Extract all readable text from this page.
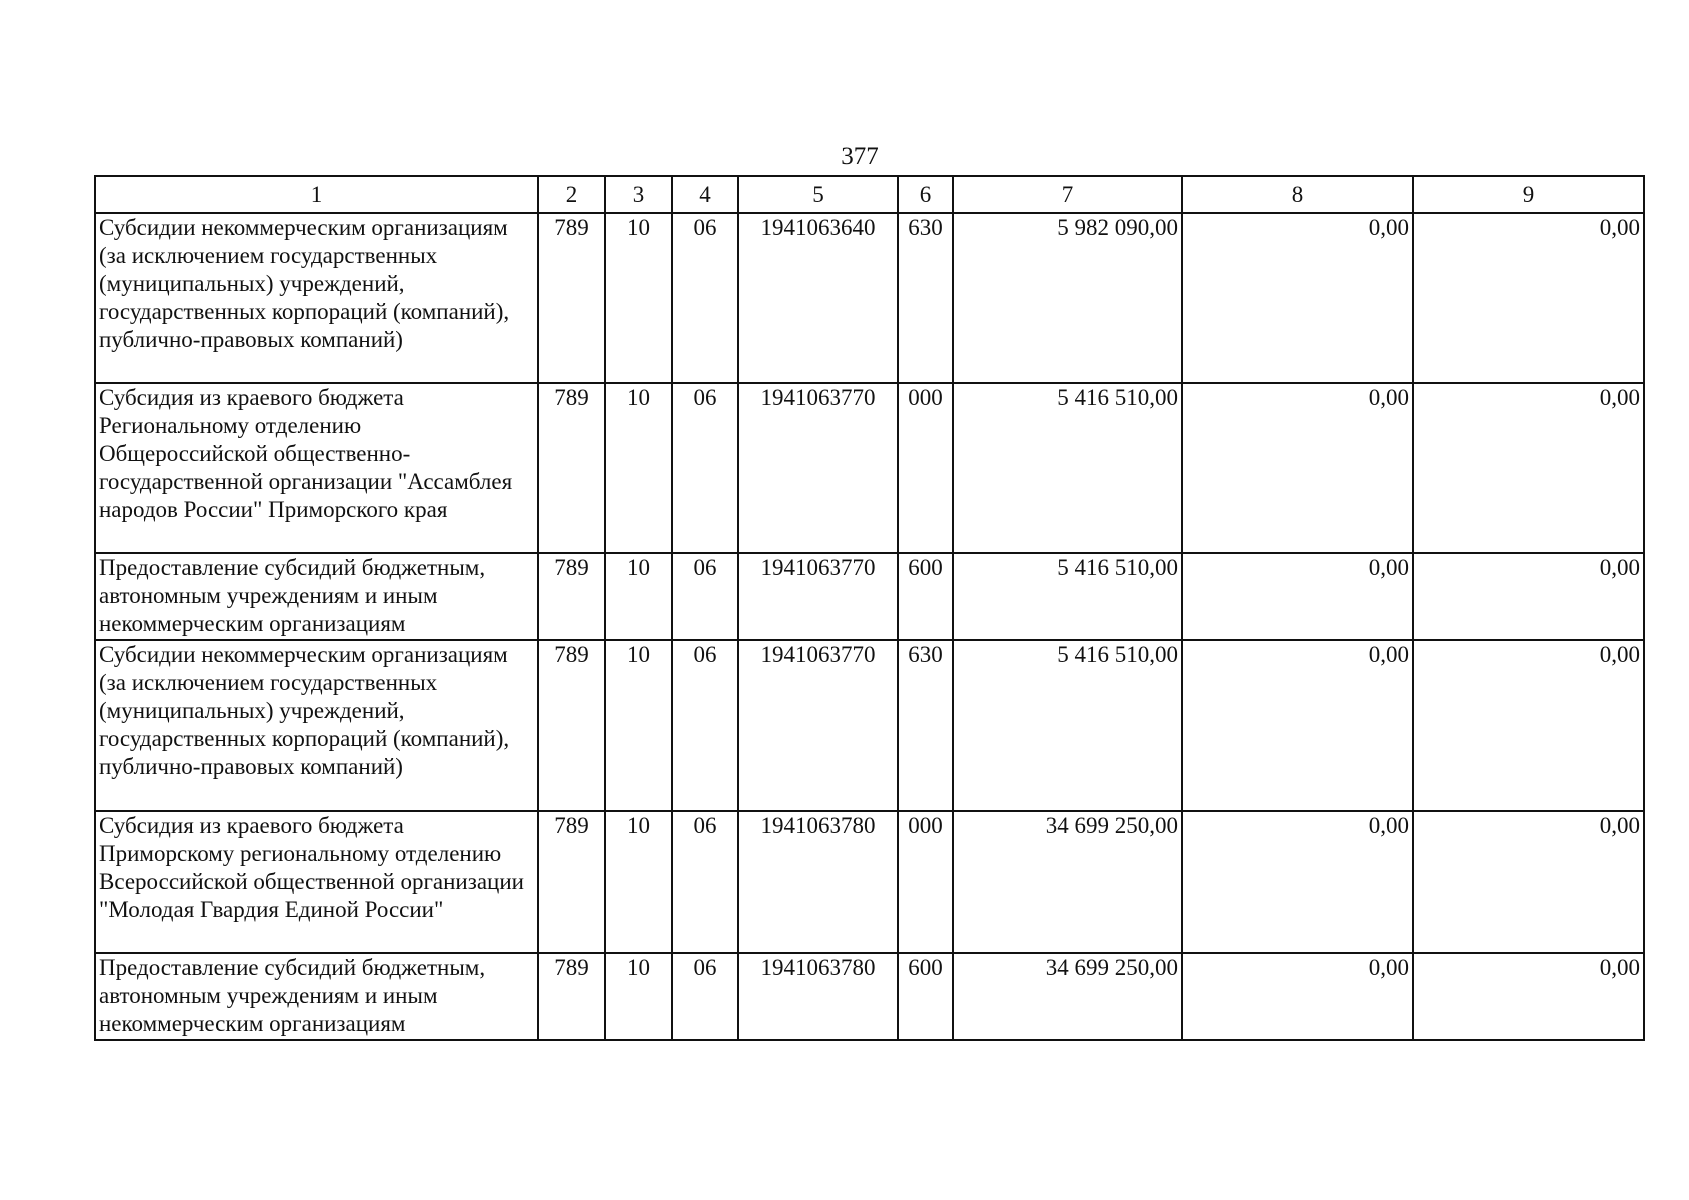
377
1	2	3	4	5	6	7	8	9
Субсидии некоммерческим организациям (за исключением государственных (муниципальных) учреждений, государственных корпораций (компаний), публично-правовых компаний)	789	10	06	1941063640	630	5 982 090,00	0,00	0,00
Субсидия из краевого бюджета Региональному отделению Общероссийской общественно-государственной организации "Ассамблея народов России" Приморского края	789	10	06	1941063770	000	5 416 510,00	0,00	0,00
Предоставление субсидий бюджетным, автономным учреждениям и иным некоммерческим организациям	789	10	06	1941063770	600	5 416 510,00	0,00	0,00
Субсидии некоммерческим организациям (за исключением государственных (муниципальных) учреждений, государственных корпораций (компаний), публично-правовых компаний)	789	10	06	1941063770	630	5 416 510,00	0,00	0,00
Субсидия из краевого бюджета Приморскому региональному отделению Всероссийской общественной организации "Молодая Гвардия Единой России"	789	10	06	1941063780	000	34 699 250,00	0,00	0,00
Предоставление субсидий бюджетным, автономным учреждениям и иным некоммерческим организациям	789	10	06	1941063780	600	34 699 250,00	0,00	0,00
